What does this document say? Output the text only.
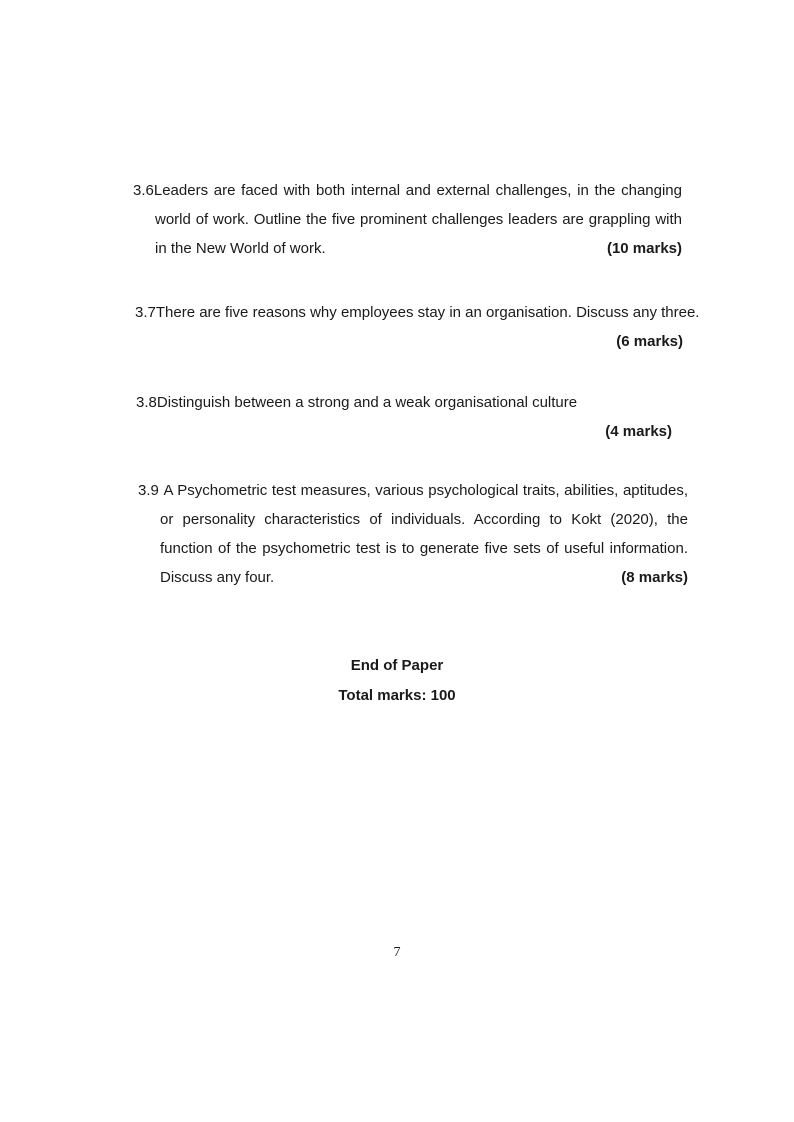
3.6Leaders are faced with both internal and external challenges, in the changing
world of work. Outline the five prominent challenges leaders are grappling with
in the New World of work.	(10 marks)
3.7There are five reasons why employees stay in an organisation. Discuss any three.
(6 marks)
3.8Distinguish between a strong and a weak organisational culture
(4 marks)
3.9 A Psychometric test measures, various psychological traits, abilities, aptitudes,
or personality characteristics of individuals. According to Kokt (2020), the
function of the psychometric test is to generate five sets of useful information.
Discuss any four.	(8 marks)
End of Paper
Total marks: 100
7
